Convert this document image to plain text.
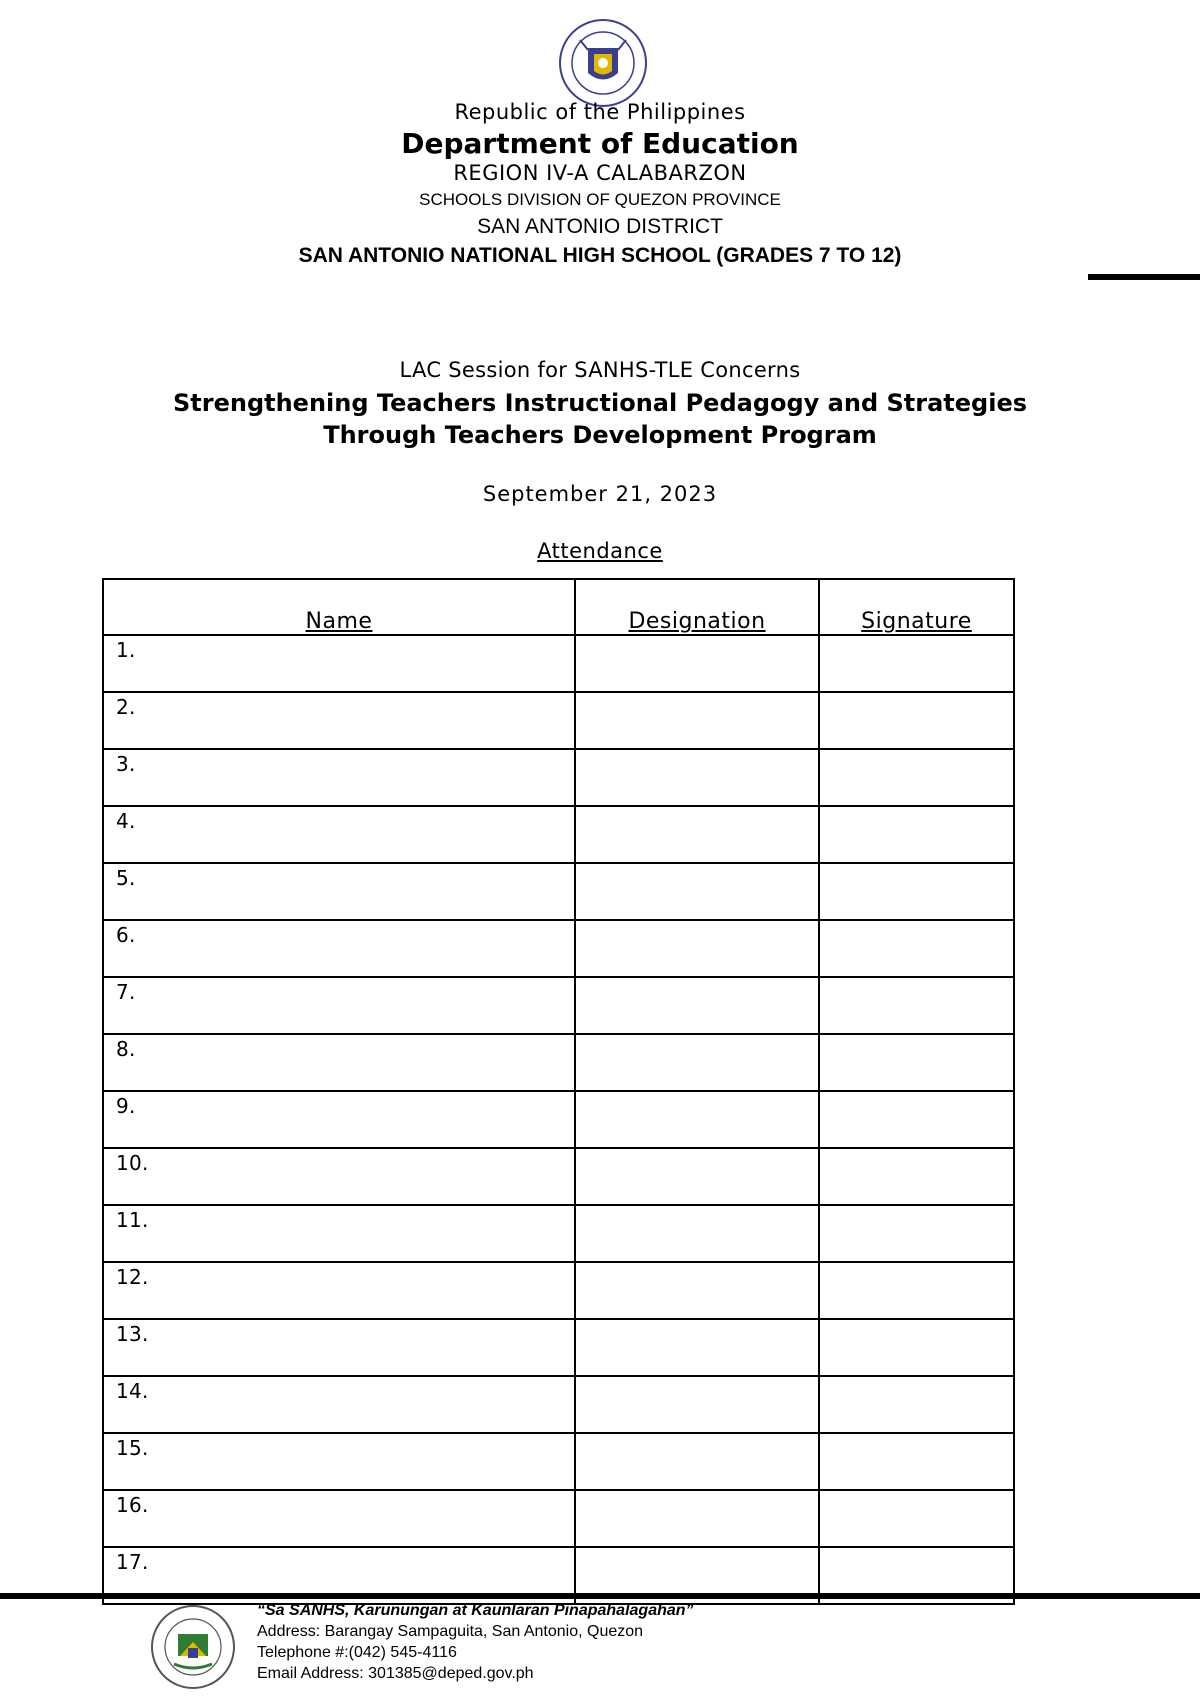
Republic of the Philippines
Department of Education
REGION IV-A CALABARZON
SCHOOLS DIVISION OF QUEZON PROVINCE
SAN ANTONIO DISTRICT
SAN ANTONIO NATIONAL HIGH SCHOOL (GRADES 7 TO 12)
LAC Session for SANHS-TLE Concerns
Strengthening Teachers Instructional Pedagogy and Strategies
Through Teachers Development Program
September 21, 2023
Attendance
Name	Designation	Signature
1.		
2.		
3.		
4.		
5.		
6.		
7.		
8.		
9.		
10.		
11.		
12.		
13.		
14.		
15.		
16.		
17.		
“Sa SANHS, Karunungan at Kaunlaran Pinapahalagahan”
Address: Barangay Sampaguita, San Antonio, Quezon
Telephone #:(042) 545-4116
Email Address: 301385@deped.gov.ph
